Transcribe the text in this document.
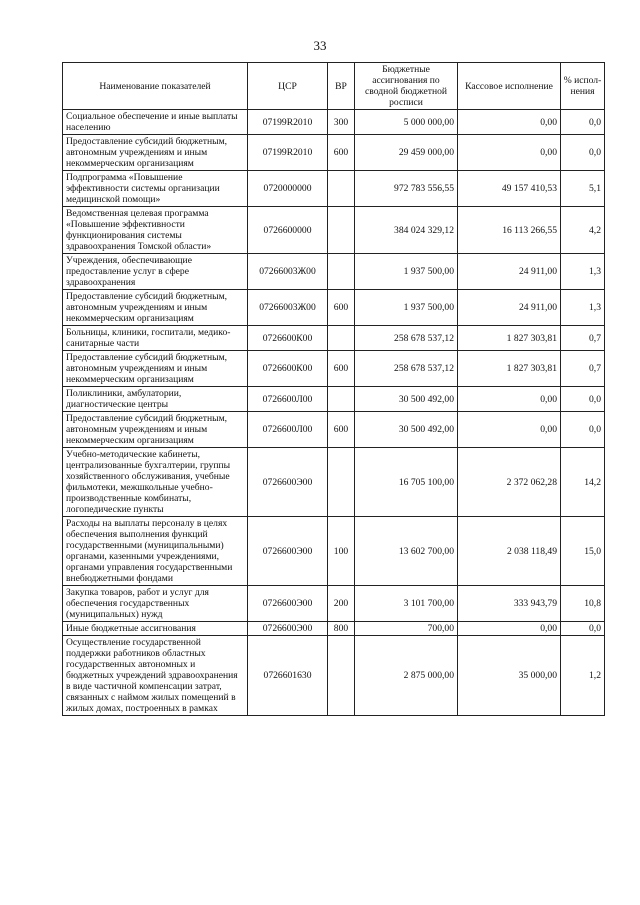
33
Наименование показателей	ЦСР	ВР	Бюджетные ассигнования по сводной бюджетной росписи	Кассовое исполнение	% испол-нения
Социальное обеспечение и иные выплаты населению	07199R2010	300	5 000 000,00	0,00	0,0
Предоставление субсидий бюджетным, автономным учреждениям и иным некоммерческим организациям	07199R2010	600	29 459 000,00	0,00	0,0
Подпрограмма «Повышение эффективности системы организации медицинской помощи»	0720000000		972 783 556,55	49 157 410,53	5,1
Ведомственная целевая программа «Повышение эффективности функционирования системы здравоохранения Томской области»	0726600000		384 024 329,12	16 113 266,55	4,2
Учреждения, обеспечивающие предоставление услуг в сфере здравоохранения	07266003Ж00		1 937 500,00	24 911,00	1,3
Предоставление субсидий бюджетным, автономным учреждениям и иным некоммерческим организациям	07266003Ж00	600	1 937 500,00	24 911,00	1,3
Больницы, клиники, госпитали, медико-санитарные части	0726600К00		258 678 537,12	1 827 303,81	0,7
Предоставление субсидий бюджетным, автономным учреждениям и иным некоммерческим организациям	0726600К00	600	258 678 537,12	1 827 303,81	0,7
Поликлиники, амбулатории, диагностические центры	0726600Л00		30 500 492,00	0,00	0,0
Предоставление субсидий бюджетным, автономным учреждениям и иным некоммерческим организациям	0726600Л00	600	30 500 492,00	0,00	0,0
Учебно-методические кабинеты, централизованные бухгалтерии, группы хозяйственного обслуживания, учебные фильмотеки, межшкольные учебно-производственные комбинаты, логопедические пункты	0726600Э00		16 705 100,00	2 372 062,28	14,2
Расходы на выплаты персоналу в целях обеспечения выполнения функций государственными (муниципальными) органами, казенными учреждениями, органами управления государственными внебюджетными фондами	0726600Э00	100	13 602 700,00	2 038 118,49	15,0
Закупка товаров, работ и услуг для обеспечения государственных (муниципальных) нужд	0726600Э00	200	3 101 700,00	333 943,79	10,8
Иные бюджетные ассигнования	0726600Э00	800	700,00	0,00	0,0
Осуществление государственной поддержки работников областных государственных автономных и бюджетных учреждений здравоохранения в виде частичной компенсации затрат, связанных с наймом жилых помещений в жилых домах, построенных в рамках	0726601630		2 875 000,00	35 000,00	1,2
